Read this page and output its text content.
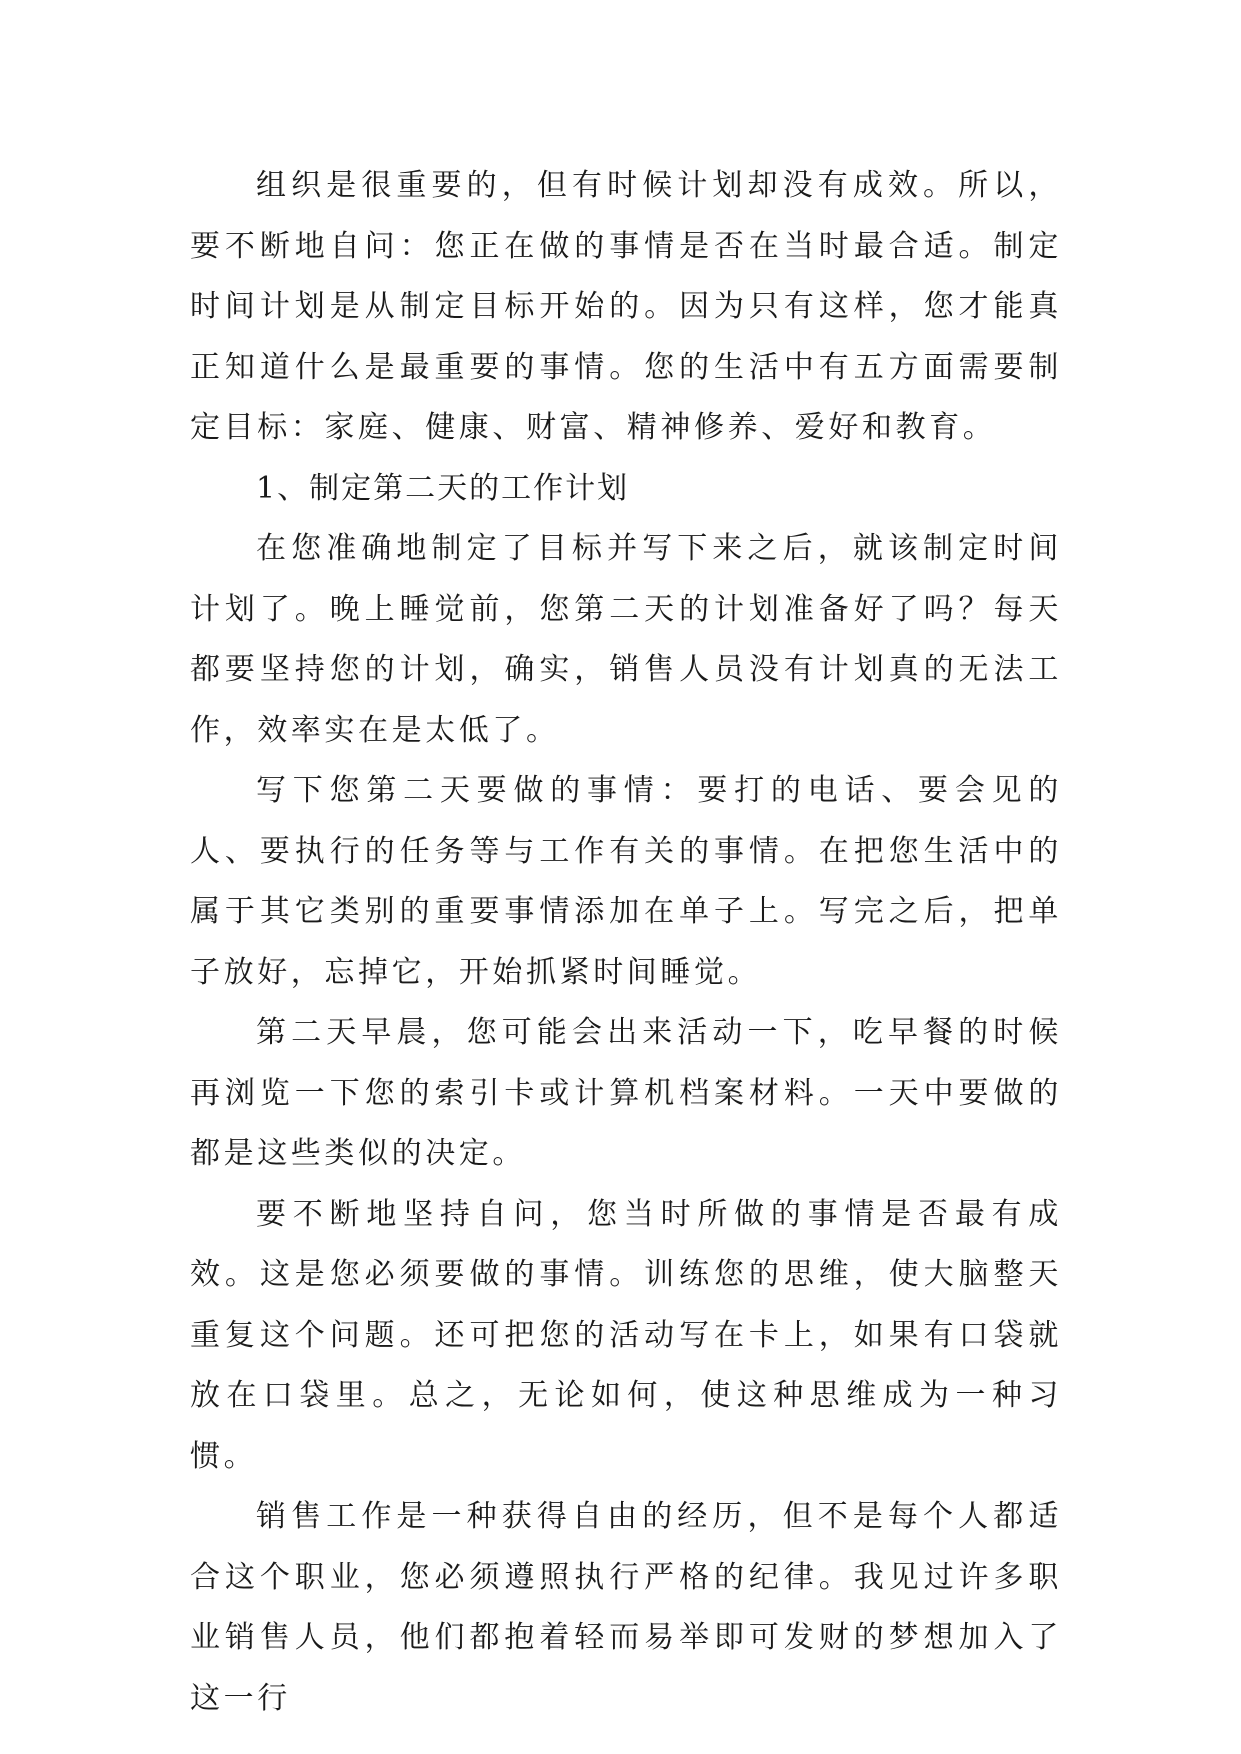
组织是很重要的，但有时候计划却没有成效。所以，要不断地自问：您正在做的事情是否在当时最合适。制定时间计划是从制定目标开始的。因为只有这样，您才能真正知道什么是最重要的事情。您的生活中有五方面需要制定目标：家庭、健康、财富、精神修养、爱好和教育。

1、制定第二天的工作计划

在您准确地制定了目标并写下来之后，就该制定时间计划了。晚上睡觉前，您第二天的计划准备好了吗？每天都要坚持您的计划，确实，销售人员没有计划真的无法工作，效率实在是太低了。

写下您第二天要做的事情：要打的电话、要会见的人、要执行的任务等与工作有关的事情。在把您生活中的属于其它类别的重要事情添加在单子上。写完之后，把单子放好，忘掉它，开始抓紧时间睡觉。

第二天早晨，您可能会出来活动一下，吃早餐的时候再浏览一下您的索引卡或计算机档案材料。一天中要做的都是这些类似的决定。

要不断地坚持自问，您当时所做的事情是否最有成效。这是您必须要做的事情。训练您的思维，使大脑整天重复这个问题。还可把您的活动写在卡上，如果有口袋就放在口袋里。总之，无论如何，使这种思维成为一种习惯。

销售工作是一种获得自由的经历，但不是每个人都适合这个职业，您必须遵照执行严格的纪律。我见过许多职业销售人员，他们都抱着轻而易举即可发财的梦想加入了这一行
